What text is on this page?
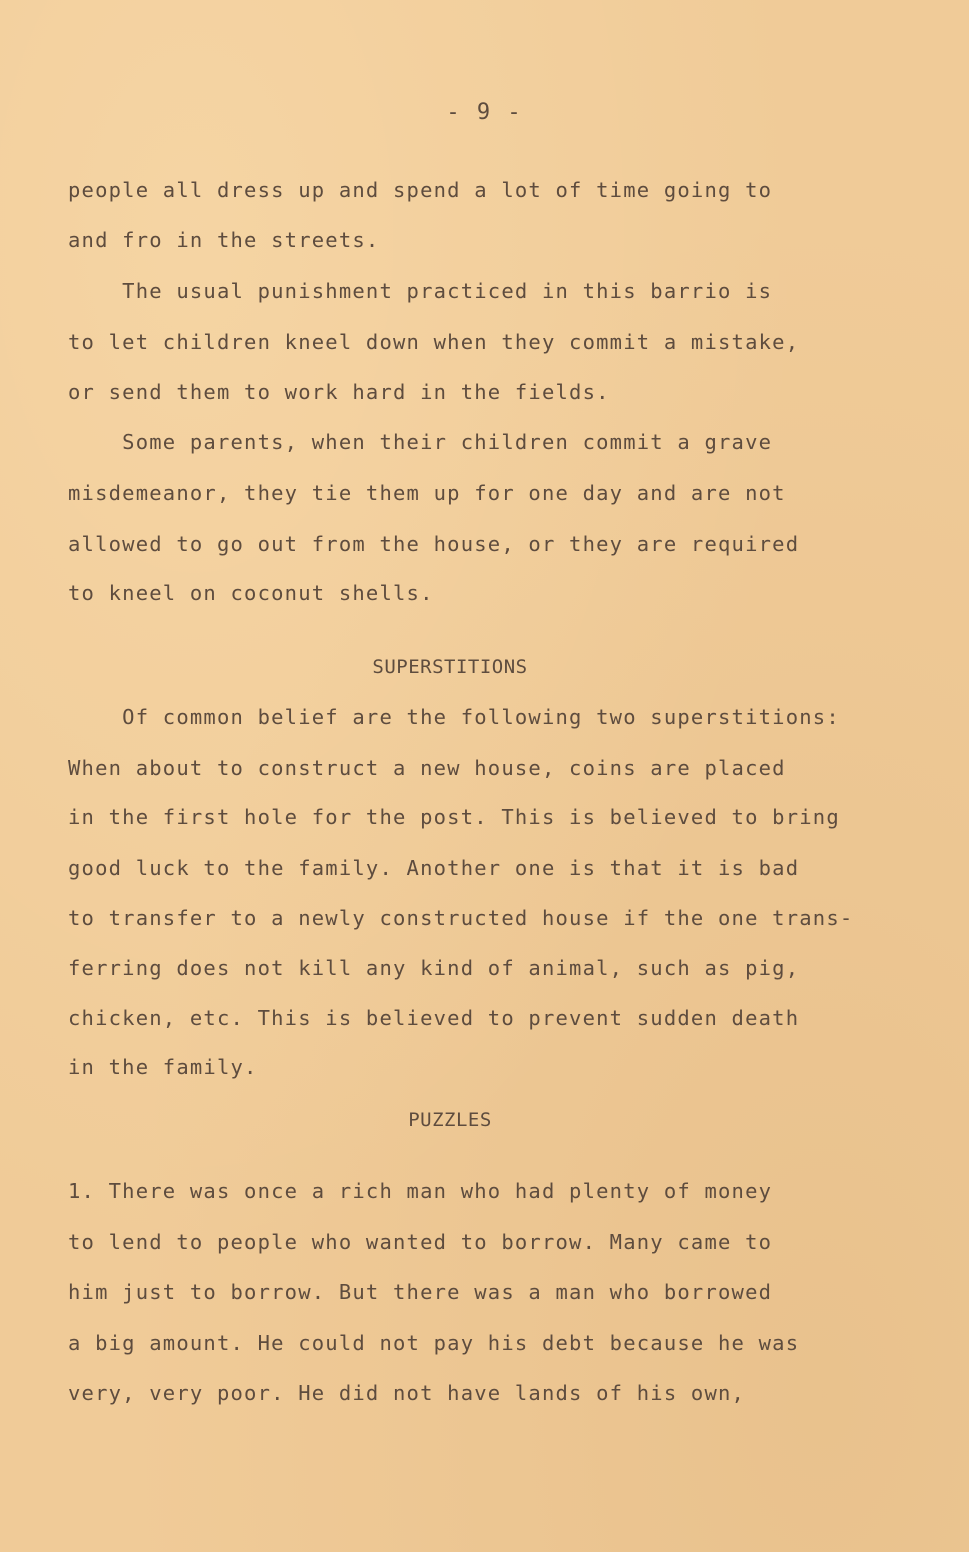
- 9 -
people all dress up and spend a lot of time going to
and fro in the streets.
The usual punishment practiced in this barrio is
to let children kneel down when they commit a mistake,
or send them to work hard in the fields.
Some parents, when their children commit a grave
misdemeanor, they tie them up for one day and are not
allowed to go out from the house, or they are required
to kneel on coconut shells.
SUPERSTITIONS
Of common belief are the following two superstitions:
When about to construct a new house, coins are placed
in the first hole for the post. This is believed to bring
good luck to the family. Another one is that it is bad
to transfer to a newly constructed house if the one trans-
ferring does not kill any kind of animal, such as pig,
chicken, etc. This is believed to prevent sudden death
in the family.
PUZZLES
1. There was once a rich man who had plenty of money
to lend to people who wanted to borrow. Many came to
him just to borrow. But there was a man who borrowed
a big amount. He could not pay his debt because he was
very, very poor. He did not have lands of his own,
